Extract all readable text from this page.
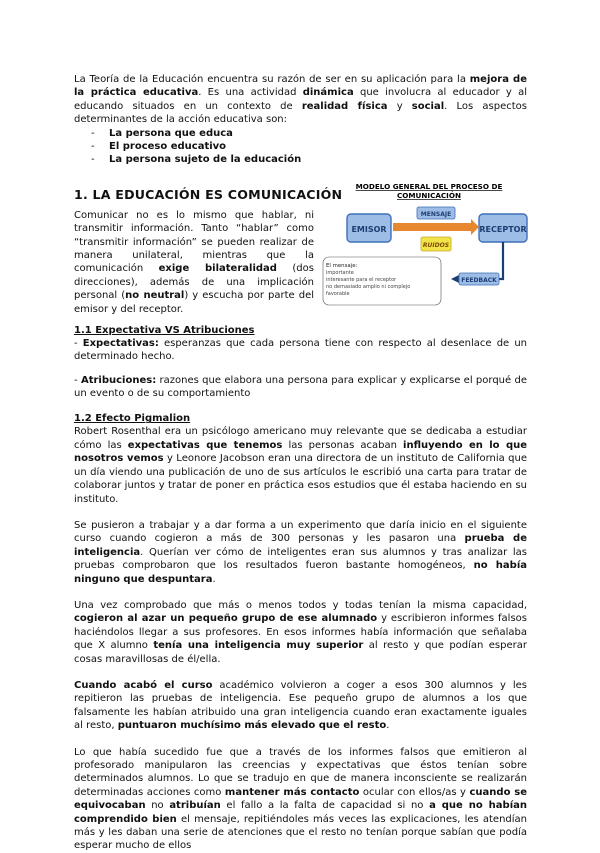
La Teoría de la Educación encuentra su razón de ser en su aplicación para la mejora de la práctica educativa. Es una actividad dinámica que involucra al educador y al educando situados en un contexto de realidad física y social. Los aspectos determinantes de la acción educativa son:

- La persona que educa
- El proceso educativo
- La persona sujeto de la educación
1. LA EDUCACIÓN ES COMUNICACIÓN

Comunicar no es lo mismo que hablar, ni transmitir información. Tanto “hablar” como “transmitir información” se pueden realizar de manera unilateral, mientras que la comunicación exige bilateralidad (dos direcciones), además de una implicación personal (no neutral) y escucha por parte del emisor y del receptor.

MODELO GENERAL DEL PROCESO DE
COMUNICACIÓN
EMISOR	RECEPTOR
MENSAJE
RUIDOS
FEEDBACK
El mensaje:
importante
interesante para el receptor
no demasiado amplio ni complejo
favorable
1.1 Expectativa VS Atribuciones

- Expectativas: esperanzas que cada persona tiene con respecto al desenlace de un determinado hecho.

- Atribuciones: razones que elabora una persona para explicar y explicarse el porqué de un evento o de su comportamiento

1.2 Efecto Pigmalion

Robert Rosenthal era un psicólogo americano muy relevante que se dedicaba a estudiar cómo las expectativas que tenemos las personas acaban influyendo en lo que nosotros vemos y Leonore Jacobson eran una directora de un instituto de California que un día viendo una publicación de uno de sus artículos le escribió una carta para tratar de colaborar juntos y tratar de poner en práctica esos estudios que él estaba haciendo en su instituto.

Se pusieron a trabajar y a dar forma a un experimento que daría inicio en el siguiente curso cuando cogieron a más de 300 personas y les pasaron una prueba de inteligencia. Querían ver cómo de inteligentes eran sus alumnos y tras analizar las pruebas comprobaron que los resultados fueron bastante homogéneos, no había ninguno que despuntara.

Una vez comprobado que más o menos todos y todas tenían la misma capacidad, cogieron al azar un pequeño grupo de ese alumnado y escribieron informes falsos haciéndolos llegar a sus profesores. En esos informes había información que señalaba que X alumno tenía una inteligencia muy superior al resto y que podían esperar cosas maravillosas de él/ella.

Cuando acabó el curso académico volvieron a coger a esos 300 alumnos y les repitieron las pruebas de inteligencia. Ese pequeño grupo de alumnos a los que falsamente les habían atribuido una gran inteligencia cuando eran exactamente iguales al resto, puntuaron muchísimo más elevado que el resto.

Lo que había sucedido fue que a través de los informes falsos que emitieron al profesorado manipularon las creencias y expectativas que éstos tenían sobre determinados alumnos. Lo que se tradujo en que de manera inconsciente se realizarán determinadas acciones como mantener más contacto ocular con ellos/as y cuando se equivocaban no atribuían el fallo a la falta de capacidad si no a que no habían comprendido bien el mensaje, repitiéndoles más veces las explicaciones, les atendían más y les daban una serie de atenciones que el resto no tenían porque sabían que podía esperar mucho de ellos
